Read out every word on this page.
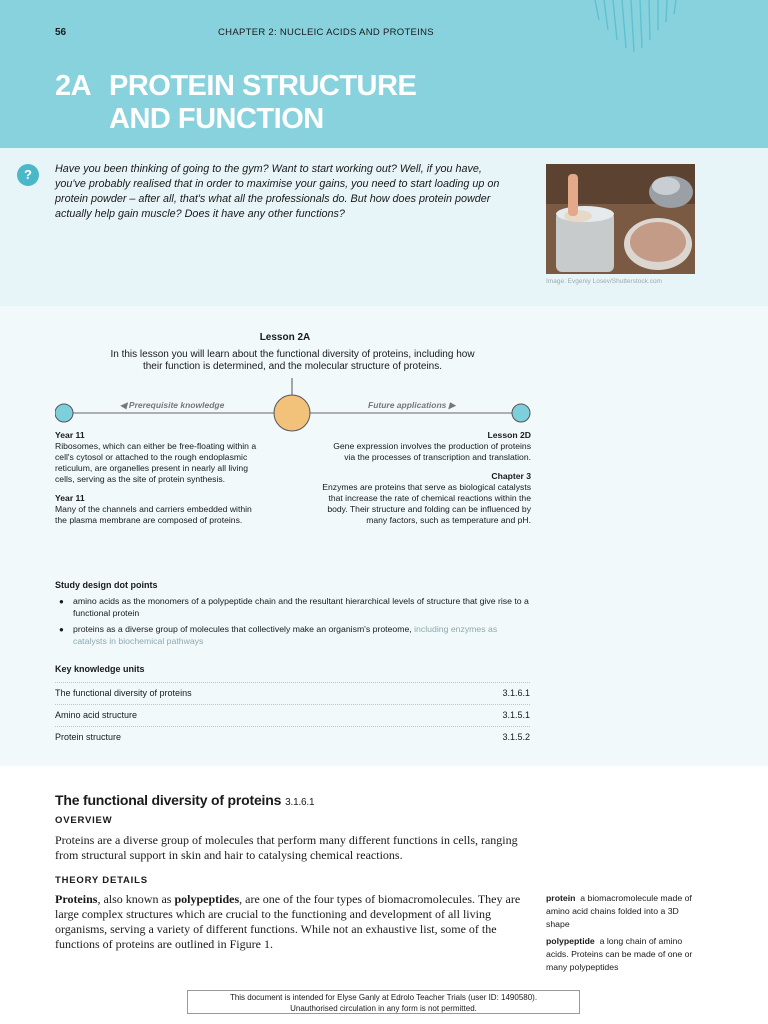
56	CHAPTER 2: NUCLEIC ACIDS AND PROTEINS
2A PROTEIN STRUCTURE
AND FUNCTION
?	Have you been thinking of going to the gym? Want to start working out? Well, if you have, you've probably realised that in order to maximise your gains, you need to start loading up on protein powder – after all, that's what all the professionals do. But how does protein powder actually help gain muscle? Does it have any other functions?
Image: Evgeniy Losev/Shutterstock.com
Lesson 2A
In this lesson you will learn about the functional diversity of proteins, including how their function is determined, and the molecular structure of proteins.
◀ Prerequisite knowledge	Future applications ▶
Year 11
Ribosomes, which can either be free-floating within a cell's cytosol or attached to the rough endoplasmic reticulum, are organelles present in nearly all living cells, serving as the site of protein synthesis.
Year 11
Many of the channels and carriers embedded within the plasma membrane are composed of proteins.
Lesson 2D
Gene expression involves the production of proteins via the processes of transcription and translation.
Chapter 3
Enzymes are proteins that serve as biological catalysts that increase the rate of chemical reactions within the body. Their structure and folding can be influenced by many factors, such as temperature and pH.
Study design dot points
● amino acids as the monomers of a polypeptide chain and the resultant hierarchical levels of structure that give rise to a functional protein
● proteins as a diverse group of molecules that collectively make an organism's proteome, including enzymes as catalysts in biochemical pathways
Key knowledge units
The functional diversity of proteins	3.1.6.1
Amino acid structure	3.1.5.1
Protein structure	3.1.5.2
The functional diversity of proteins 3.1.6.1
OVERVIEW
Proteins are a diverse group of molecules that perform many different functions in cells, ranging from structural support in skin and hair to catalysing chemical reactions.
THEORY DETAILS
Proteins, also known as polypeptides, are one of the four types of biomacromolecules. They are large complex structures which are crucial to the functioning and development of all living organisms, serving a variety of different functions. While not an exhaustive list, some of the functions of proteins are outlined in Figure 1.
protein a biomacromolecule made of amino acid chains folded into a 3D shape
polypeptide a long chain of amino acids. Proteins can be made of one or many polypeptides
This document is intended for Elyse Ganly at Edrolo Teacher Trials (user ID: 1490580).
Unauthorised circulation in any form is not permitted.
